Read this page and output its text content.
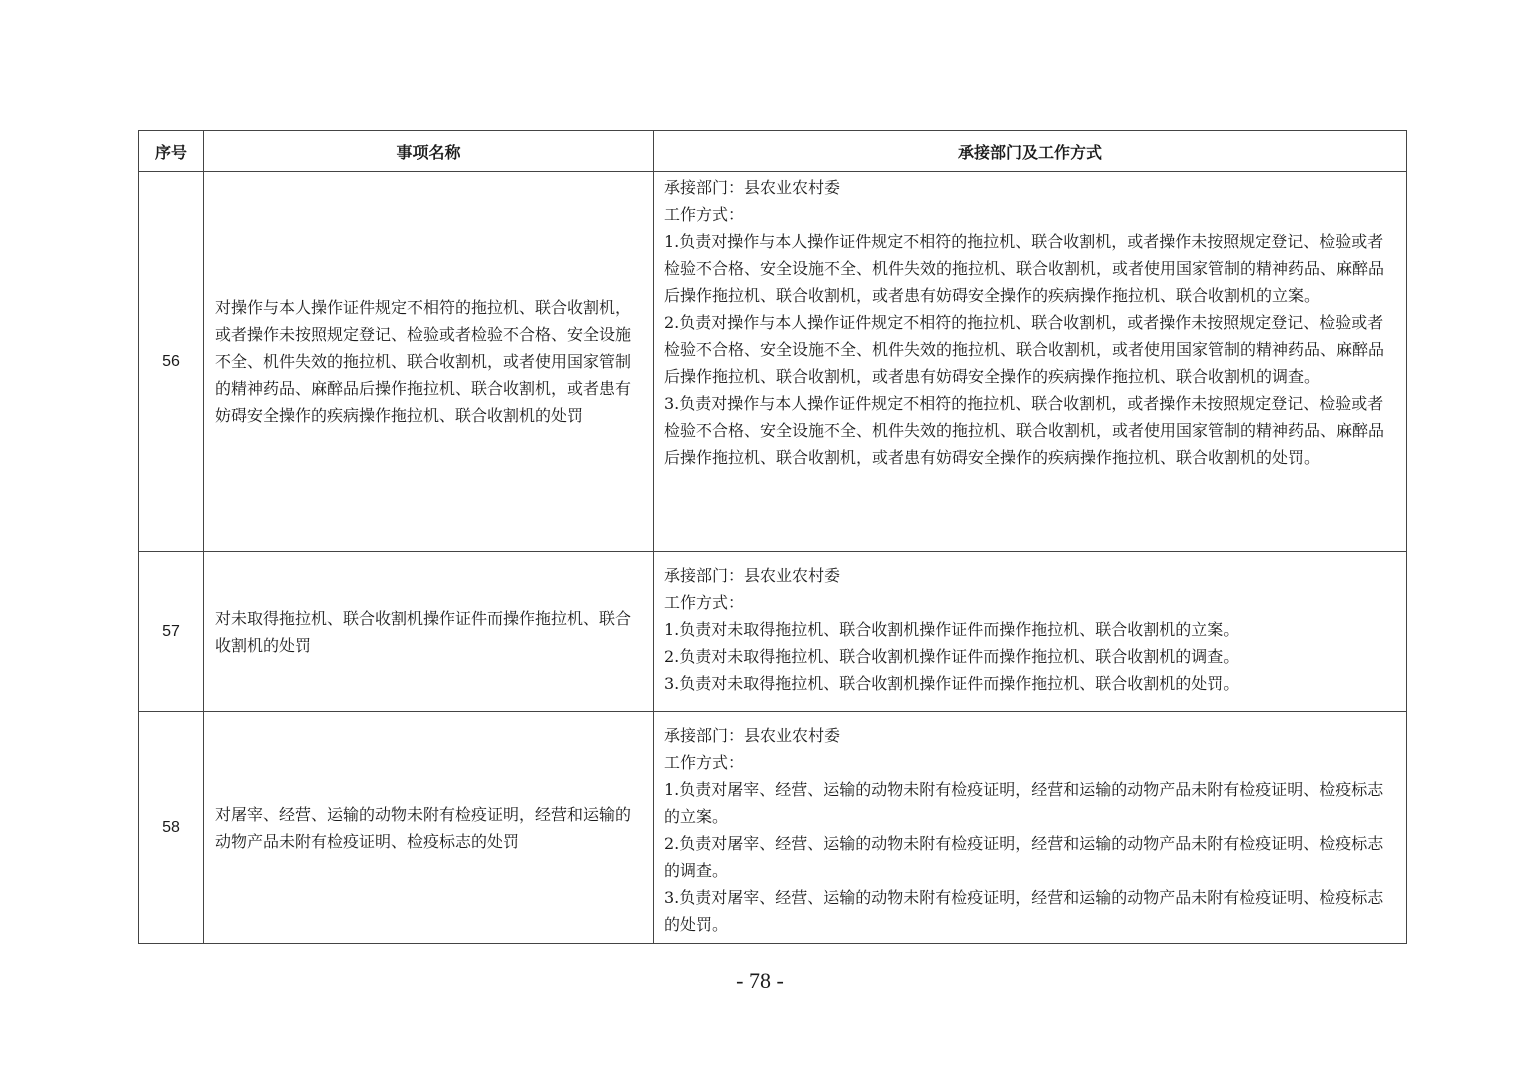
序号	事项名称	承接部门及工作方式
56	对操作与本人操作证件规定不相符的拖拉机、联合收割机，或者操作未按照规定登记、检验或者检验不合格、安全设施不全、机件失效的拖拉机、联合收割机，或者使用国家管制的精神药品、麻醉品后操作拖拉机、联合收割机，或者患有妨碍安全操作的疾病操作拖拉机、联合收割机的处罚	承接部门：县农业农村委
工作方式：
1.负责对操作与本人操作证件规定不相符的拖拉机、联合收割机，或者操作未按照规定登记、检验或者检验不合格、安全设施不全、机件失效的拖拉机、联合收割机，或者使用国家管制的精神药品、麻醉品后操作拖拉机、联合收割机，或者患有妨碍安全操作的疾病操作拖拉机、联合收割机的立案。
2.负责对操作与本人操作证件规定不相符的拖拉机、联合收割机，或者操作未按照规定登记、检验或者检验不合格、安全设施不全、机件失效的拖拉机、联合收割机，或者使用国家管制的精神药品、麻醉品后操作拖拉机、联合收割机，或者患有妨碍安全操作的疾病操作拖拉机、联合收割机的调查。
3.负责对操作与本人操作证件规定不相符的拖拉机、联合收割机，或者操作未按照规定登记、检验或者检验不合格、安全设施不全、机件失效的拖拉机、联合收割机，或者使用国家管制的精神药品、麻醉品后操作拖拉机、联合收割机，或者患有妨碍安全操作的疾病操作拖拉机、联合收割机的处罚。

57	对未取得拖拉机、联合收割机操作证件而操作拖拉机、联合收割机的处罚	承接部门：县农业农村委
工作方式：
1.负责对未取得拖拉机、联合收割机操作证件而操作拖拉机、联合收割机的立案。
2.负责对未取得拖拉机、联合收割机操作证件而操作拖拉机、联合收割机的调查。
3.负责对未取得拖拉机、联合收割机操作证件而操作拖拉机、联合收割机的处罚。

58	对屠宰、经营、运输的动物未附有检疫证明，经营和运输的动物产品未附有检疫证明、检疫标志的处罚	承接部门：县农业农村委
工作方式：
1.负责对屠宰、经营、运输的动物未附有检疫证明，经营和运输的动物产品未附有检疫证明、检疫标志的立案。
2.负责对屠宰、经营、运输的动物未附有检疫证明，经营和运输的动物产品未附有检疫证明、检疫标志的调查。
3.负责对屠宰、经营、运输的动物未附有检疫证明，经营和运输的动物产品未附有检疫证明、检疫标志的处罚。
- 78 -
